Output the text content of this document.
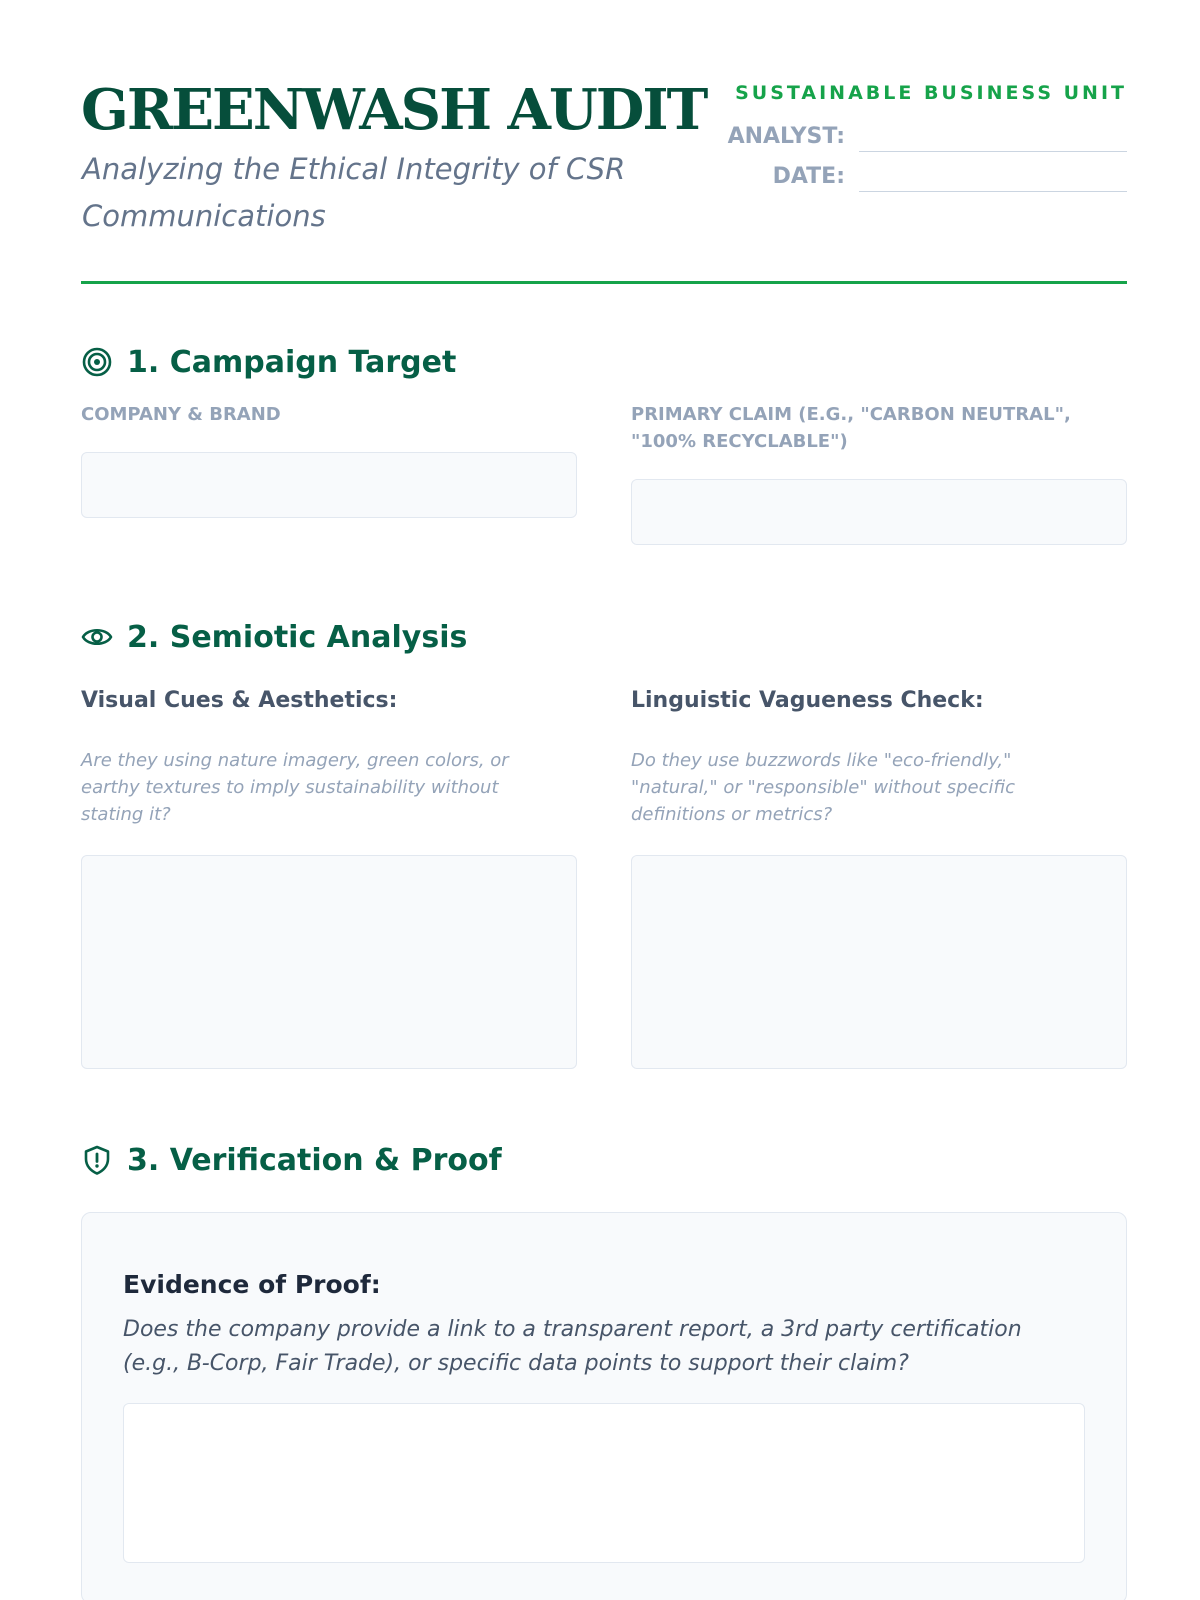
GREENWASH AUDIT
Analyzing the Ethical Integrity of CSR Communications
SUSTAINABLE BUSINESS UNIT
ANALYST:
DATE:
1. Campaign Target
COMPANY & BRAND	PRIMARY CLAIM (E.G., "CARBON NEUTRAL", "100% RECYCLABLE")
2. Semiotic Analysis
Visual Cues & Aesthetics:
Are they using nature imagery, green colors, or earthy textures to imply sustainability without stating it?
Linguistic Vagueness Check:
Do they use buzzwords like "eco-friendly," "natural," or "responsible" without specific definitions or metrics?
3. Verification & Proof
Evidence of Proof:
Does the company provide a link to a transparent report, a 3rd party certification (e.g., B-Corp, Fair Trade), or specific data points to support their claim?
